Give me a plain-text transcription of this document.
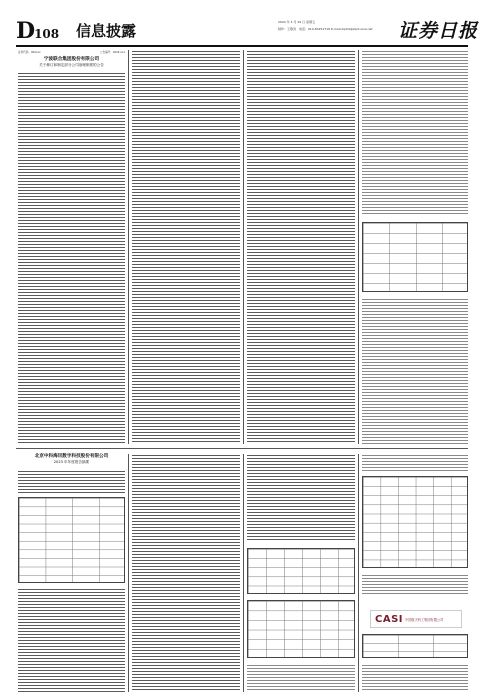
D108 信息披露	2024 年 3 月 29 日 星期五
制作：王敬涛　电话：010-83251716 E-mail:zqrb9@zqrb.sina.net 证券日报
证券代码：002xxx	公告编号：2024-xxx
宁波联合集团股份有限公司
关于修订和制定部分公司治理制度的公告
北京中科海讯数字科技股份有限公司
2023 年年度报告摘要
CASI 中国航天科工集团有限公司
